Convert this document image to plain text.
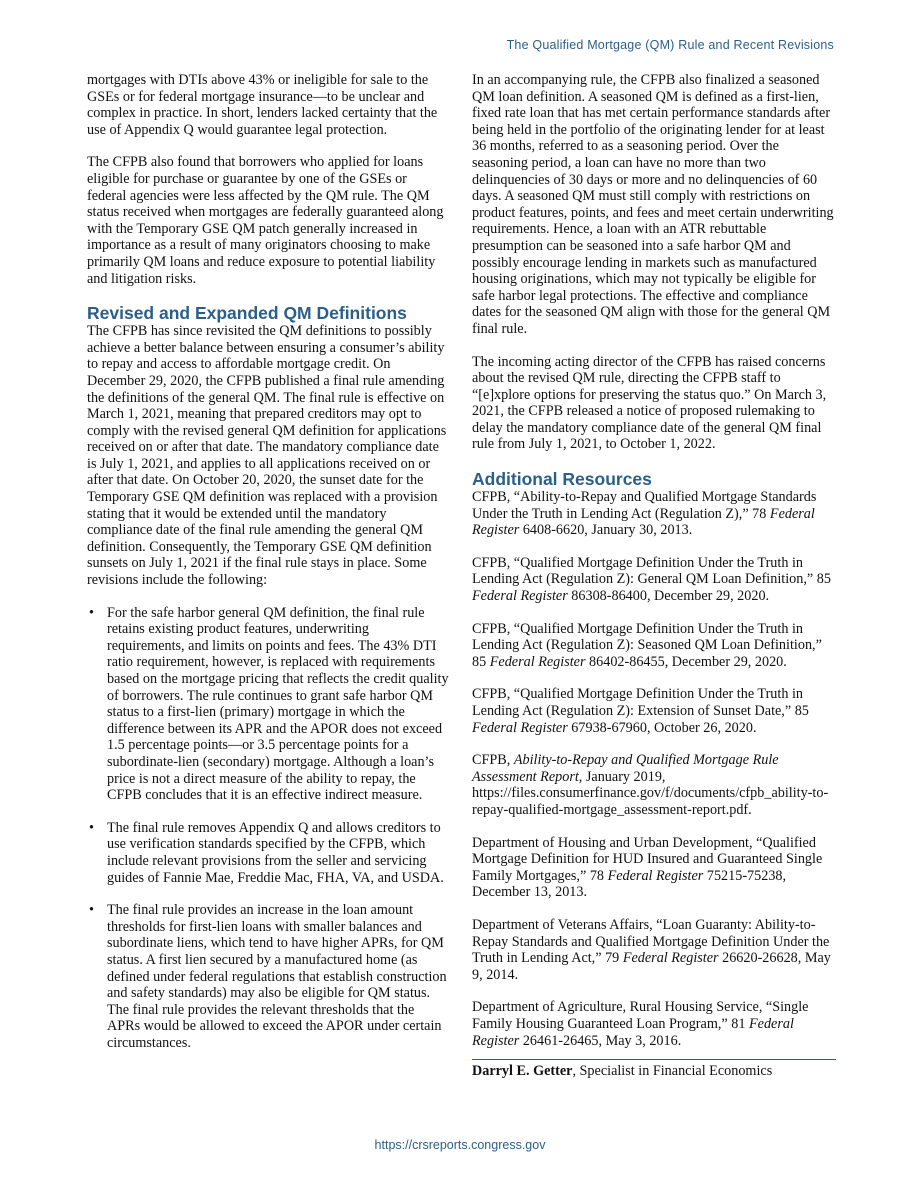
The Qualified Mortgage (QM) Rule and Recent Revisions

mortgages with DTIs above 43% or ineligible for sale to the GSEs or for federal mortgage insurance—to be unclear and complex in practice. In short, lenders lacked certainty that the use of Appendix Q would guarantee legal protection.

The CFPB also found that borrowers who applied for loans eligible for purchase or guarantee by one of the GSEs or federal agencies were less affected by the QM rule. The QM status received when mortgages are federally guaranteed along with the Temporary GSE QM patch generally increased in importance as a result of many originators choosing to make primarily QM loans and reduce exposure to potential liability and litigation risks.

Revised and Expanded QM Definitions

The CFPB has since revisited the QM definitions to possibly achieve a better balance between ensuring a consumer’s ability to repay and access to affordable mortgage credit. On December 29, 2020, the CFPB published a final rule amending the definitions of the general QM. The final rule is effective on March 1, 2021, meaning that prepared creditors may opt to comply with the revised general QM definition for applications received on or after that date. The mandatory compliance date is July 1, 2021, and applies to all applications received on or after that date. On October 20, 2020, the sunset date for the Temporary GSE QM definition was replaced with a provision stating that it would be extended until the mandatory compliance date of the final rule amending the general QM definition. Consequently, the Temporary GSE QM definition sunsets on July 1, 2021 if the final rule stays in place. Some revisions include the following:

• For the safe harbor general QM definition, the final rule retains existing product features, underwriting requirements, and limits on points and fees. The 43% DTI ratio requirement, however, is replaced with requirements based on the mortgage pricing that reflects the credit quality of borrowers. The rule continues to grant safe harbor QM status to a first-lien (primary) mortgage in which the difference between its APR and the APOR does not exceed 1.5 percentage points—or 3.5 percentage points for a subordinate-lien (secondary) mortgage. Although a loan’s price is not a direct measure of the ability to repay, the CFPB concludes that it is an effective indirect measure.
• The final rule removes Appendix Q and allows creditors to use verification standards specified by the CFPB, which include relevant provisions from the seller and servicing guides of Fannie Mae, Freddie Mac, FHA, VA, and USDA.
• The final rule provides an increase in the loan amount thresholds for first-lien loans with smaller balances and subordinate liens, which tend to have higher APRs, for QM status. A first lien secured by a manufactured home (as defined under federal regulations that establish construction and safety standards) may also be eligible for QM status. The final rule provides the relevant thresholds that the APRs would be allowed to exceed the APOR under certain circumstances.

In an accompanying rule, the CFPB also finalized a seasoned QM loan definition. A seasoned QM is defined as a first-lien, fixed rate loan that has met certain performance standards after being held in the portfolio of the originating lender for at least 36 months, referred to as a seasoning period. Over the seasoning period, a loan can have no more than two delinquencies of 30 days or more and no delinquencies of 60 days. A seasoned QM must still comply with restrictions on product features, points, and fees and meet certain underwriting requirements. Hence, a loan with an ATR rebuttable presumption can be seasoned into a safe harbor QM and possibly encourage lending in markets such as manufactured housing originations, which may not typically be eligible for safe harbor legal protections. The effective and compliance dates for the seasoned QM align with those for the general QM final rule.

The incoming acting director of the CFPB has raised concerns about the revised QM rule, directing the CFPB staff to “[e]xplore options for preserving the status quo.” On March 3, 2021, the CFPB released a notice of proposed rulemaking to delay the mandatory compliance date of the general QM final rule from July 1, 2021, to October 1, 2022.

Additional Resources
CFPB, “Ability-to-Repay and Qualified Mortgage Standards Under the Truth in Lending Act (Regulation Z),” 78 Federal Register 6408-6620, January 30, 2013.
CFPB, “Qualified Mortgage Definition Under the Truth in Lending Act (Regulation Z): General QM Loan Definition,” 85 Federal Register 86308-86400, December 29, 2020.
CFPB, “Qualified Mortgage Definition Under the Truth in Lending Act (Regulation Z): Seasoned QM Loan Definition,” 85 Federal Register 86402-86455, December 29, 2020.
CFPB, “Qualified Mortgage Definition Under the Truth in Lending Act (Regulation Z): Extension of Sunset Date,” 85 Federal Register 67938-67960, October 26, 2020.
CFPB, Ability-to-Repay and Qualified Mortgage Rule Assessment Report, January 2019, https://files.consumerfinance.gov/f/documents/cfpb_ability-to-repay-qualified-mortgage_assessment-report.pdf.
Department of Housing and Urban Development, “Qualified Mortgage Definition for HUD Insured and Guaranteed Single Family Mortgages,” 78 Federal Register 75215-75238, December 13, 2013.
Department of Veterans Affairs, “Loan Guaranty: Ability-to-Repay Standards and Qualified Mortgage Definition Under the Truth in Lending Act,” 79 Federal Register 26620-26628, May 9, 2014.
Department of Agriculture, Rural Housing Service, “Single Family Housing Guaranteed Loan Program,” 81 Federal Register 26461-26465, May 3, 2016.
Darryl E. Getter, Specialist in Financial Economics
https://crsreports.congress.gov
